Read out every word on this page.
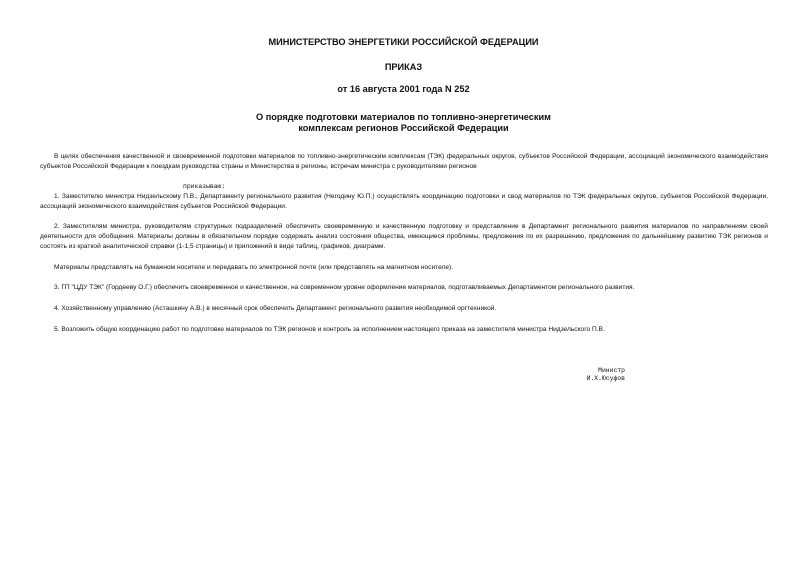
МИНИСТЕРСТВО ЭНЕРГЕТИКИ РОССИЙСКОЙ ФЕДЕРАЦИИ
ПРИКАЗ
от 16 августа 2001 года N 252
О порядке подготовки материалов по топливно-энергетическим
комплексам регионов Российской Федерации

В целях обеспечения качественной и своевременной подготовки материалов по топливно-энергетическим комплексам (ТЭК) федеральных округов, субъектов Российской Федерации, ассоциаций экономического взаимодействия субъектов Российской Федерации к поездкам руководства страны и Министерства в регионы, встречам министра с руководителями регионов

приказываю:

1. Заместителю министра Нидзельскому П.В., Департаменту регионального развития (Негодину Ю.П.) осуществлять координацию подготовки и свод материалов по ТЭК федеральных округов, субъектов Российской Федерации, ассоциаций экономического взаимодействия субъектов Российской Федерации.

2. Заместителям министра, руководителям структурных подразделений обеспечить своевременную и качественную подготовку и представление в Департамент регионального развития материалов по направлениям своей деятельности для обобщения. Материалы должны в обязательном порядке содержать анализ состояния общества, имеющиеся проблемы, предложения по их разрешению, предложения по дальнейшему развитию ТЭК регионов и состоять из краткой аналитической справки (1-1,5 страницы) и приложений в виде таблиц, графиков, диаграмм.

Материалы представлять на бумажном носителе и передавать по электронной почте (или представлять на магнитном носителе).

3. ГП "ЦДУ ТЭК" (Гордееву О.Г.) обеспечить своевременное и качественное, на современном уровне оформление материалов, подготавливаемых Департаментом регионального развития.

4. Хозяйственному управлению (Асташкину А.В.) в месячный срок обеспечить Департамент регионального развития необходимой оргтехникой.

5. Возложить общую координацию работ по подготовке материалов по ТЭК регионов и контроль за исполнением настоящего приказа на заместителя министра Нидзельского П.В.

Министр
И.Х.Юсуфов
